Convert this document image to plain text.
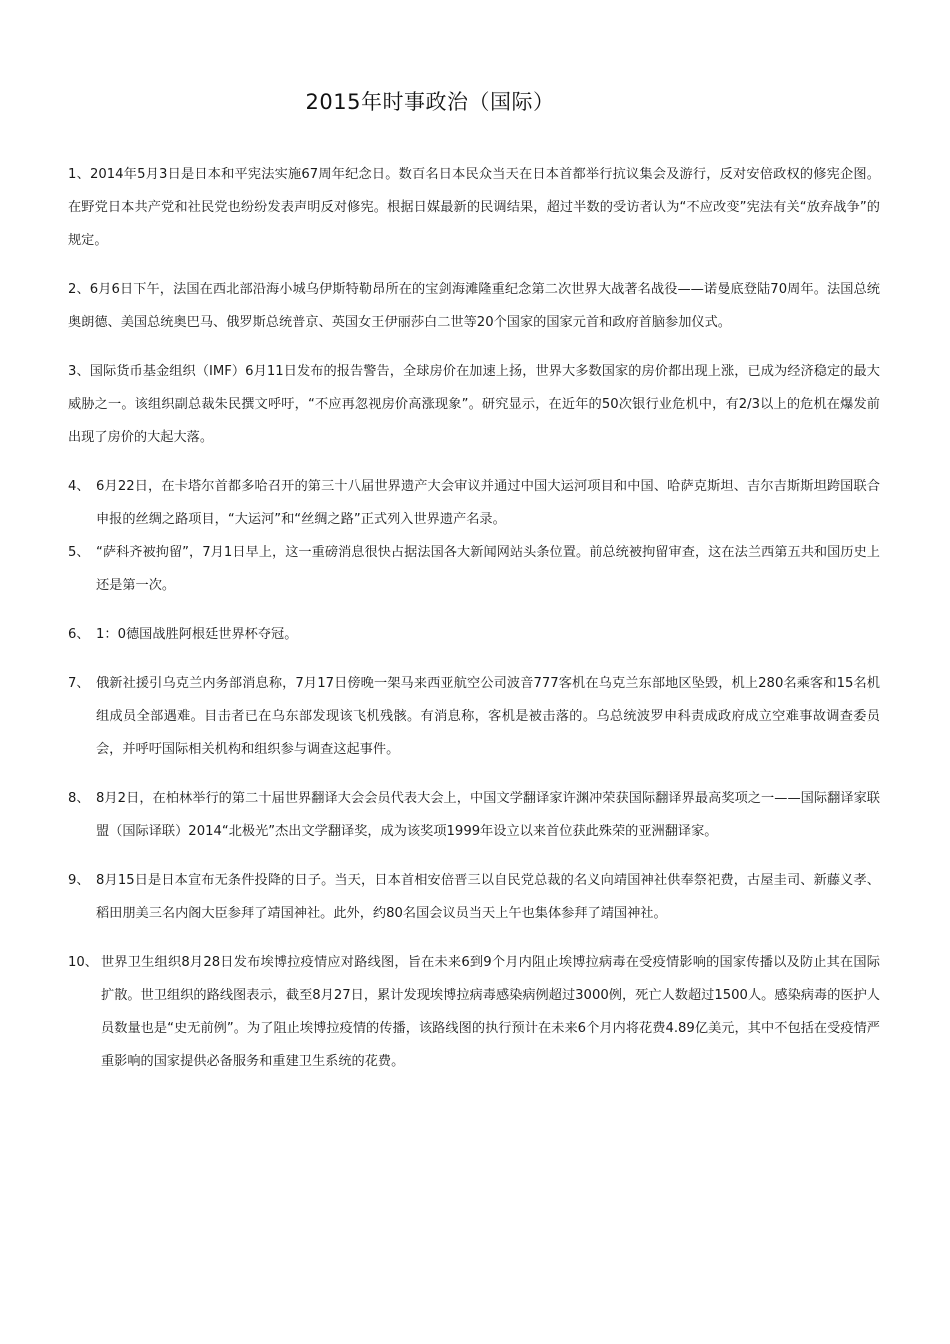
2015年时事政治（国际）

1、2014年5月3日是日本和平宪法实施67周年纪念日。数百名日本民众当天在日本首都举行抗议集会及游行，反对安倍政权的修宪企图。在野党日本共产党和社民党也纷纷发表声明反对修宪。根据日媒最新的民调结果，超过半数的受访者认为“不应改变”宪法有关“放弃战争”的规定。

2、6月6日下午，法国在西北部沿海小城乌伊斯特勒昂所在的宝剑海滩隆重纪念第二次世界大战著名战役——诺曼底登陆70周年。法国总统奥朗德、美国总统奥巴马、俄罗斯总统普京、英国女王伊丽莎白二世等20个国家的国家元首和政府首脑参加仪式。

3、国际货币基金组织（IMF）6月11日发布的报告警告，全球房价在加速上扬，世界大多数国家的房价都出现上涨，已成为经济稳定的最大威胁之一。该组织副总裁朱民撰文呼吁，“不应再忽视房价高涨现象”。研究显示，在近年的50次银行业危机中，有2/3以上的危机在爆发前出现了房价的大起大落。

4、 6月22日，在卡塔尔首都多哈召开的第三十八届世界遗产大会审议并通过中国大运河项目和中国、哈萨克斯坦、吉尔吉斯斯坦跨国联合申报的丝绸之路项目，“大运河”和“丝绸之路”正式列入世界遗产名录。
5、 “萨科齐被拘留”，7月1日早上，这一重磅消息很快占据法国各大新闻网站头条位置。前总统被拘留审查，这在法兰西第五共和国历史上还是第一次。
6、 1：0德国战胜阿根廷世界杯夺冠。
7、 俄新社援引乌克兰内务部消息称，7月17日傍晚一架马来西亚航空公司波音777客机在乌克兰东部地区坠毁，机上280名乘客和15名机组成员全部遇难。目击者已在乌东部发现该飞机残骸。有消息称，客机是被击落的。乌总统波罗申科责成政府成立空难事故调查委员会，并呼吁国际相关机构和组织参与调查这起事件。
8、 8月2日，在柏林举行的第二十届世界翻译大会会员代表大会上，中国文学翻译家许渊冲荣获国际翻译界最高奖项之一——国际翻译家联盟（国际译联）2014“北极光”杰出文学翻译奖，成为该奖项1999年设立以来首位获此殊荣的亚洲翻译家。
9、 8月15日是日本宣布无条件投降的日子。当天，日本首相安倍晋三以自民党总裁的名义向靖国神社供奉祭祀费，古屋圭司、新藤义孝、稻田朋美三名内阁大臣参拜了靖国神社。此外，约80名国会议员当天上午也集体参拜了靖国神社。
10、 世界卫生组织8月28日发布埃博拉疫情应对路线图，旨在未来6到9个月内阻止埃博拉病毒在受疫情影响的国家传播以及防止其在国际扩散。世卫组织的路线图表示，截至8月27日，累计发现埃博拉病毒感染病例超过3000例，死亡人数超过1500人。感染病毒的医护人员数量也是“史无前例”。为了阻止埃博拉疫情的传播，该路线图的执行预计在未来6个月内将花费4.89亿美元，其中不包括在受疫情严重影响的国家提供必备服务和重建卫生系统的花费。
